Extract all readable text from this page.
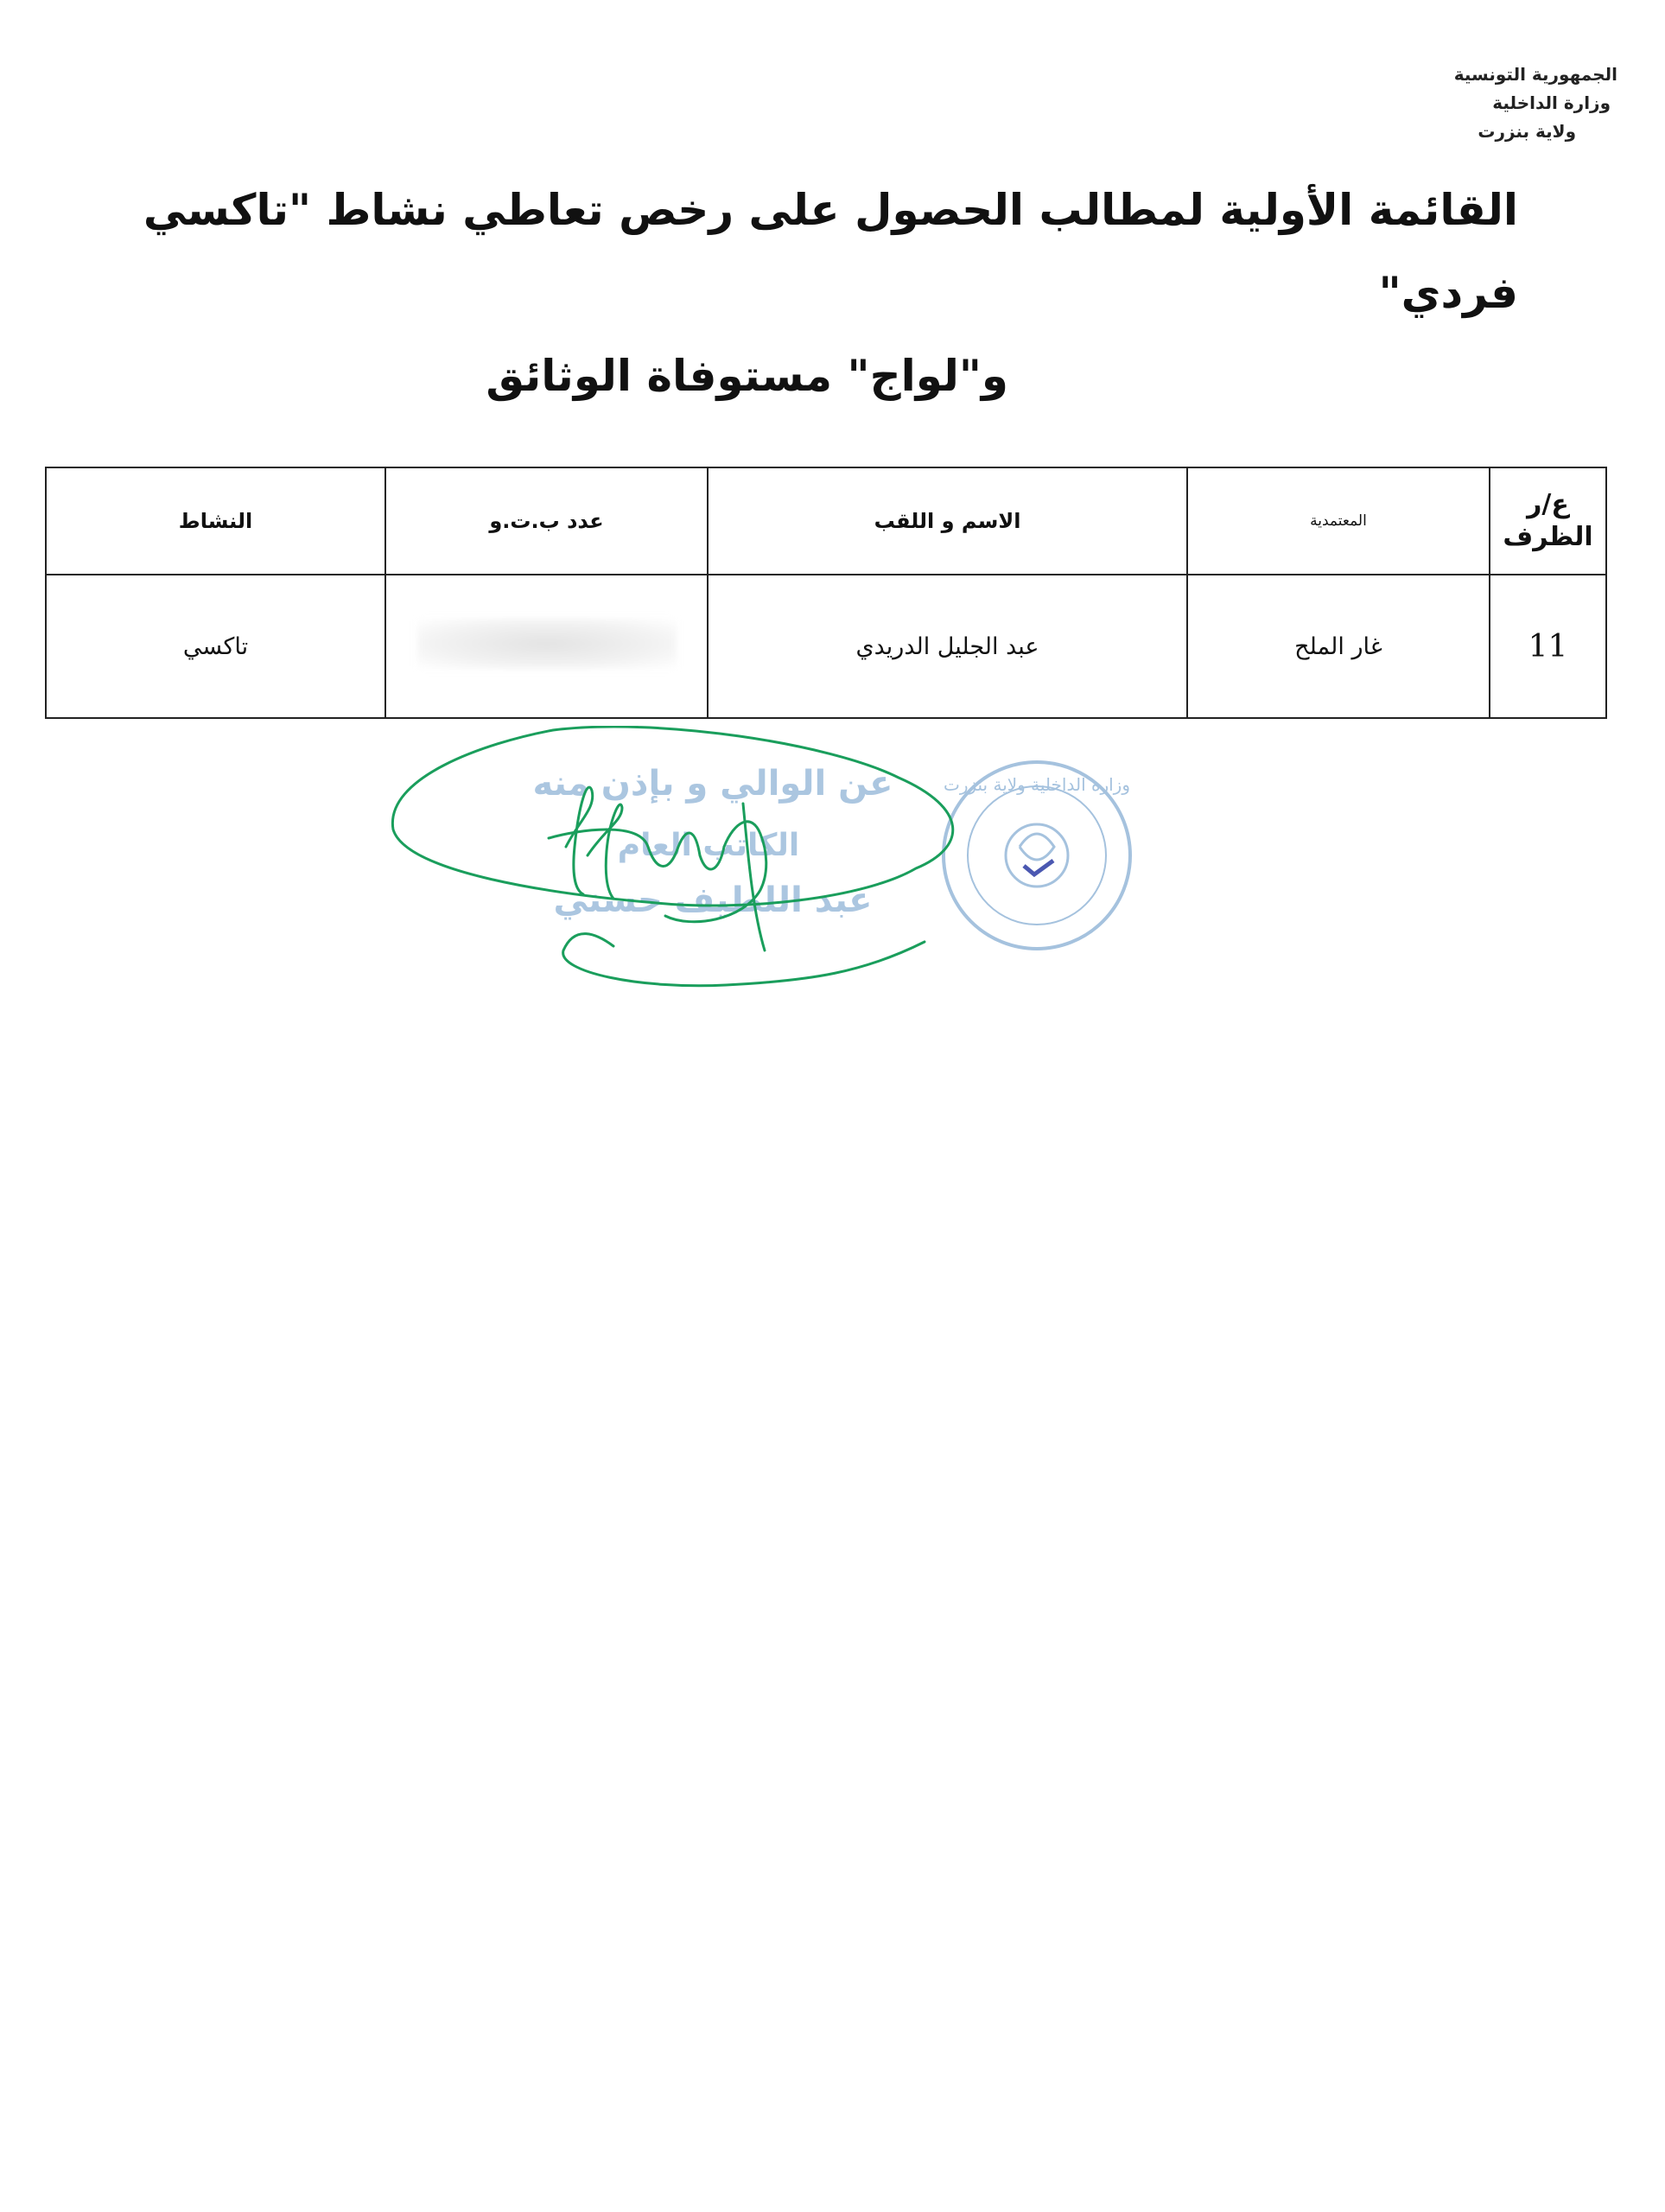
الجمهورية التونسية
وزارة الداخلية
ولاية بنزرت
القائمة الأولية لمطالب الحصول على رخص تعاطي نشاط "تاكسي فردي"
و"لواج" مستوفاة الوثائق
ع/ر الظرف	المعتمدية	الاسم و اللقب	عدد ب.ت.و	النشاط
11	غار الملح	عبد الجليل الدريدي		تاكسي
عن الوالي و بإذن منه
الكاتب العام
عبد اللطيف حسني
وزارة الداخلية ولاية بنزرت
